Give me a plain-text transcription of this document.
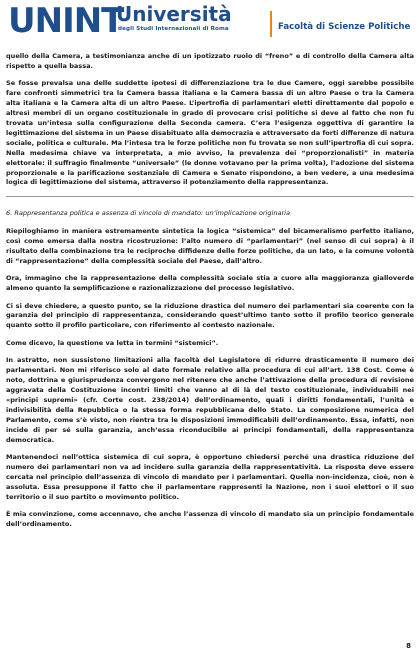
UNINT
Università
degli Studi Internazionali di Roma	Facoltà di Scienze Politiche

quello della Camera, a testimonianza anche di un ipotizzato ruolo di “freno” e di controllo della Camera alta rispetto a quella bassa.

Se fosse prevalsa una delle suddette ipotesi di differenziazione tra le due Camere, oggi sarebbe possibile fare confronti simmetrici tra la Camera bassa italiana e la Camera bassa di un altro Paese o tra la Camera alta italiana e la Camera alta di un altro Paese. L’ipertrofia di parlamentari eletti direttamente dal popolo e altresì membri di un organo costituzionale in grado di provocare crisi politiche si deve al fatto che non fu trovata un’intesa sulla configurazione della Seconda camera. C’era l’esigenza oggettiva di garantire la legittimazione del sistema in un Paese disabituato alla democrazia e attraversato da forti differenze di natura sociale, politica e culturale. Ma l’intesa tra le forze politiche non fu trovata se non sull’ipertrofia di cui sopra. Nella medesima chiave va interpretata, a mio avviso, la prevalenza dei “proporzionalisti” in materia elettorale: il suffragio finalmente “universale” (le donne votavano per la prima volta), l’adozione del sistema proporzionale e la parificazione sostanziale di Camera e Senato rispondono, a ben vedere, a una medesima logica di legittimazione del sistema, attraverso il potenziamento della rappresentanza.

6. Rappresentanza politica e assenza di vincolo di mandato: un’implicazione originaria

Riepiloghiamo in maniera estremamente sintetica la logica “sistemica” del bicameralismo perfetto italiano, così come emersa dalla nostra ricostruzione: l’alto numero di “parlamentari” (nel senso di cui sopra) è il risultato della combinazione tra le reciproche diffidenze delle forze politiche, da un lato, e la comune volontà di “rappresentazione” della complessità sociale del Paese, dall’altro.

Ora, immagino che la rappresentazione della complessità sociale stia a cuore alla maggioranza gialloverde almeno quanto la semplificazione e razionalizzazione del processo legislativo.

Ci si deve chiedere, a questo punto, se la riduzione drastica del numero dei parlamentari sia coerente con la garanzia del principio di rappresentanza, considerando quest’ultimo tanto sotto il profilo teorico generale quanto sotto il profilo particolare, con riferimento al contesto nazionale.

Come dicevo, la questione va letta in termini “sistemici”.

In astratto, non sussistono limitazioni alla facoltà del Legislatore di ridurre drasticamente il numero dei parlamentari. Non mi riferisco solo al dato formale relativo alla procedura di cui all’art. 138 Cost. Come è noto, dottrina e giurisprudenza convergono nel ritenere che anche l’attivazione della procedura di revisione aggravata della Costituzione incontri limiti che vanno al di là del testo costituzionale, individuabili nei «principi supremi» (cfr. Corte cost. 238/2014) dell’ordinamento, quali i diritti fondamentali, l’unità e indivisibilità della Repubblica o la stessa forma repubblicana dello Stato. La composizione numerica del Parlamento, come s’è visto, non rientra tra le disposizioni immodificabili dell’ordinamento. Essa, infatti, non incide di per sé sulla garanzia, anch’essa riconducibile ai principi fondamentali, della rappresentanza democratica.

Mantenendoci nell’ottica sistemica di cui sopra, è opportuno chiedersi perché una drastica riduzione del numero dei parlamentari non va ad incidere sulla garanzia della rappresentatività. La risposta deve essere cercata nel principio dell’assenza di vincolo di mandato per i parlamentari. Quella non-incidenza, cioè, non è assoluta. Essa presuppone il fatto che il parlamentare rappresenti la Nazione, non i suoi elettori o il suo territorio o il suo partito o movimento politico.

È mia convinzione, come accennavo, che anche l’assenza di vincolo di mandato sia un principio fondamentale dell’ordinamento.

8
